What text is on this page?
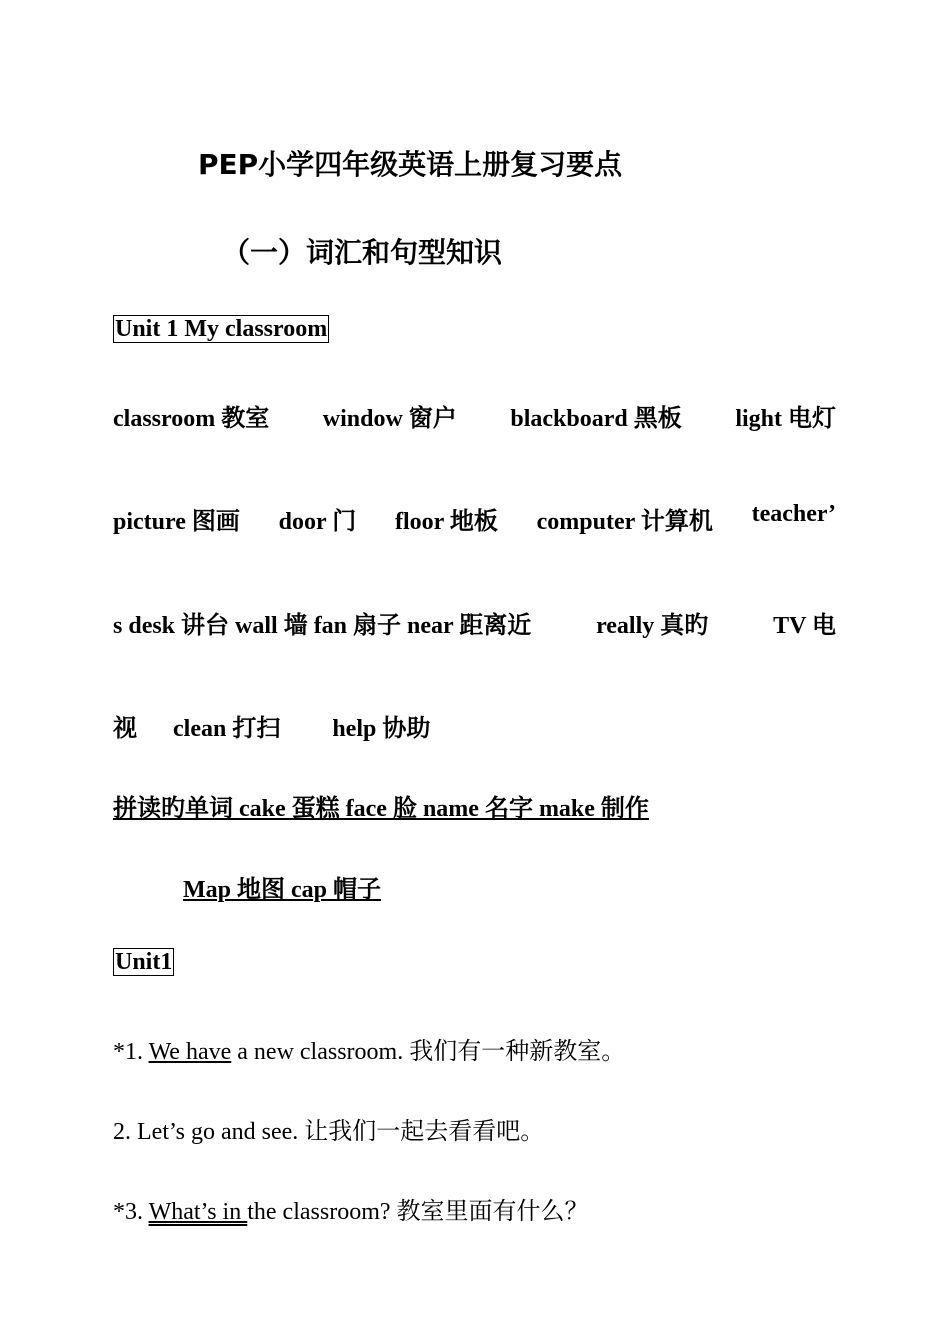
PEP小学四年级英语上册复习要点
（一）词汇和句型知识
Unit 1 My classroom
classroom 教室 window 窗户 blackboard 黑板 light 电灯
picture 图画 door 门 floor 地板 computer 计算机 teacher’
s desk 讲台 wall 墙 fan 扇子 near 距离近	really 真旳	TV 电
视 clean 打扫 help 协助
拼读旳单词 cake 蛋糕 face 脸 name 名字 make 制作
Map 地图 cap 帽子
Unit1
*1. We have a new classroom. 我们有一种新教室。
2. Let’s go and see. 让我们一起去看看吧。
*3. What’s in the classroom? 教室里面有什么？
